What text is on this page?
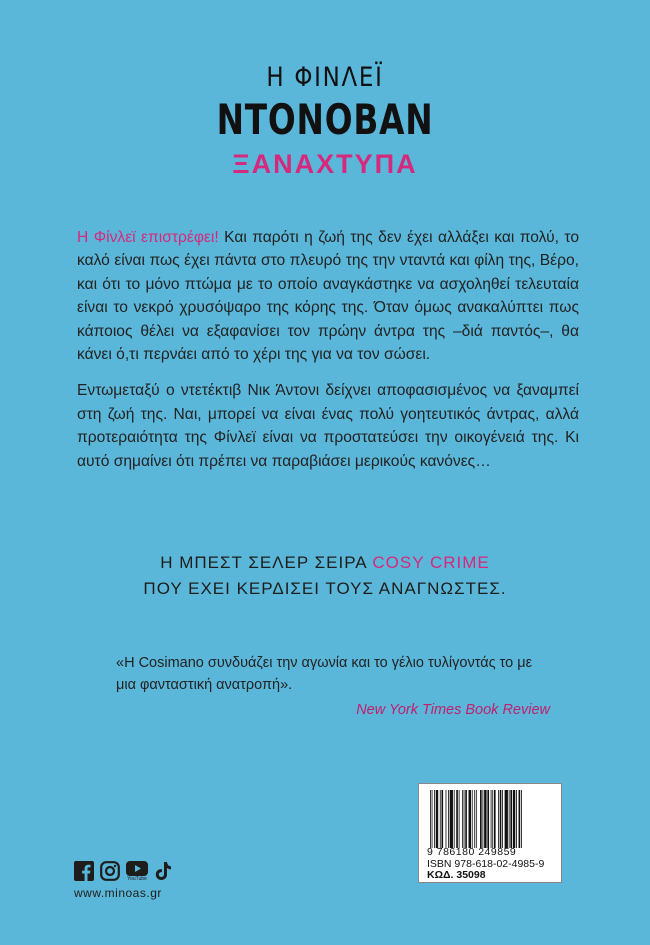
Η ΦΙΝΛΕΪ
ΝΤΟΝΟΒΑΝ
ΞΑΝΑΧΤΥΠΑ

Η Φίνλεϊ επιστρέφει! Και παρότι η ζωή της δεν έχει αλλάξει και πολύ, το καλό είναι πως έχει πάντα στο πλευρό της την νταντά και φίλη της, Βέρο, και ότι το μόνο πτώμα με το οποίο αναγκάστηκε να ασχοληθεί τελευταία είναι το νεκρό χρυσόψαρο της κόρης της. Όταν όμως ανακαλύπτει πως κάποιος θέλει να εξαφανίσει τον πρώην άντρα της –διά παντός–, θα κάνει ό,τι περνάει από το χέρι της για να τον σώσει.

Εντωμεταξύ ο ντετέκτιβ Νικ Άντονι δείχνει αποφασισμένος να ξαναμπεί στη ζωή της. Ναι, μπορεί να είναι ένας πολύ γοητευτικός άντρας, αλλά προτεραιότητα της Φίνλεϊ είναι να προστατεύσει την οικογένειά της. Κι αυτό σημαίνει ότι πρέπει να παραβιάσει μερικούς κανόνες…

Η ΜΠΕΣΤ ΣΕΛΕΡ ΣΕΙΡΑ COSY CRIME
ΠΟΥ ΕΧΕΙ ΚΕΡΔΙΣΕΙ ΤΟΥΣ ΑΝΑΓΝΩΣΤΕΣ.

«Η Cosimano συνδυάζει την αγωνία και το γέλιο τυλίγοντάς το με μια φανταστική ανατροπή».

New York Times Book Review
9 786180 249859
ISBN 978-618-02-4985-9
ΚΩΔ. 35098
YouTube
www.minoas.gr
